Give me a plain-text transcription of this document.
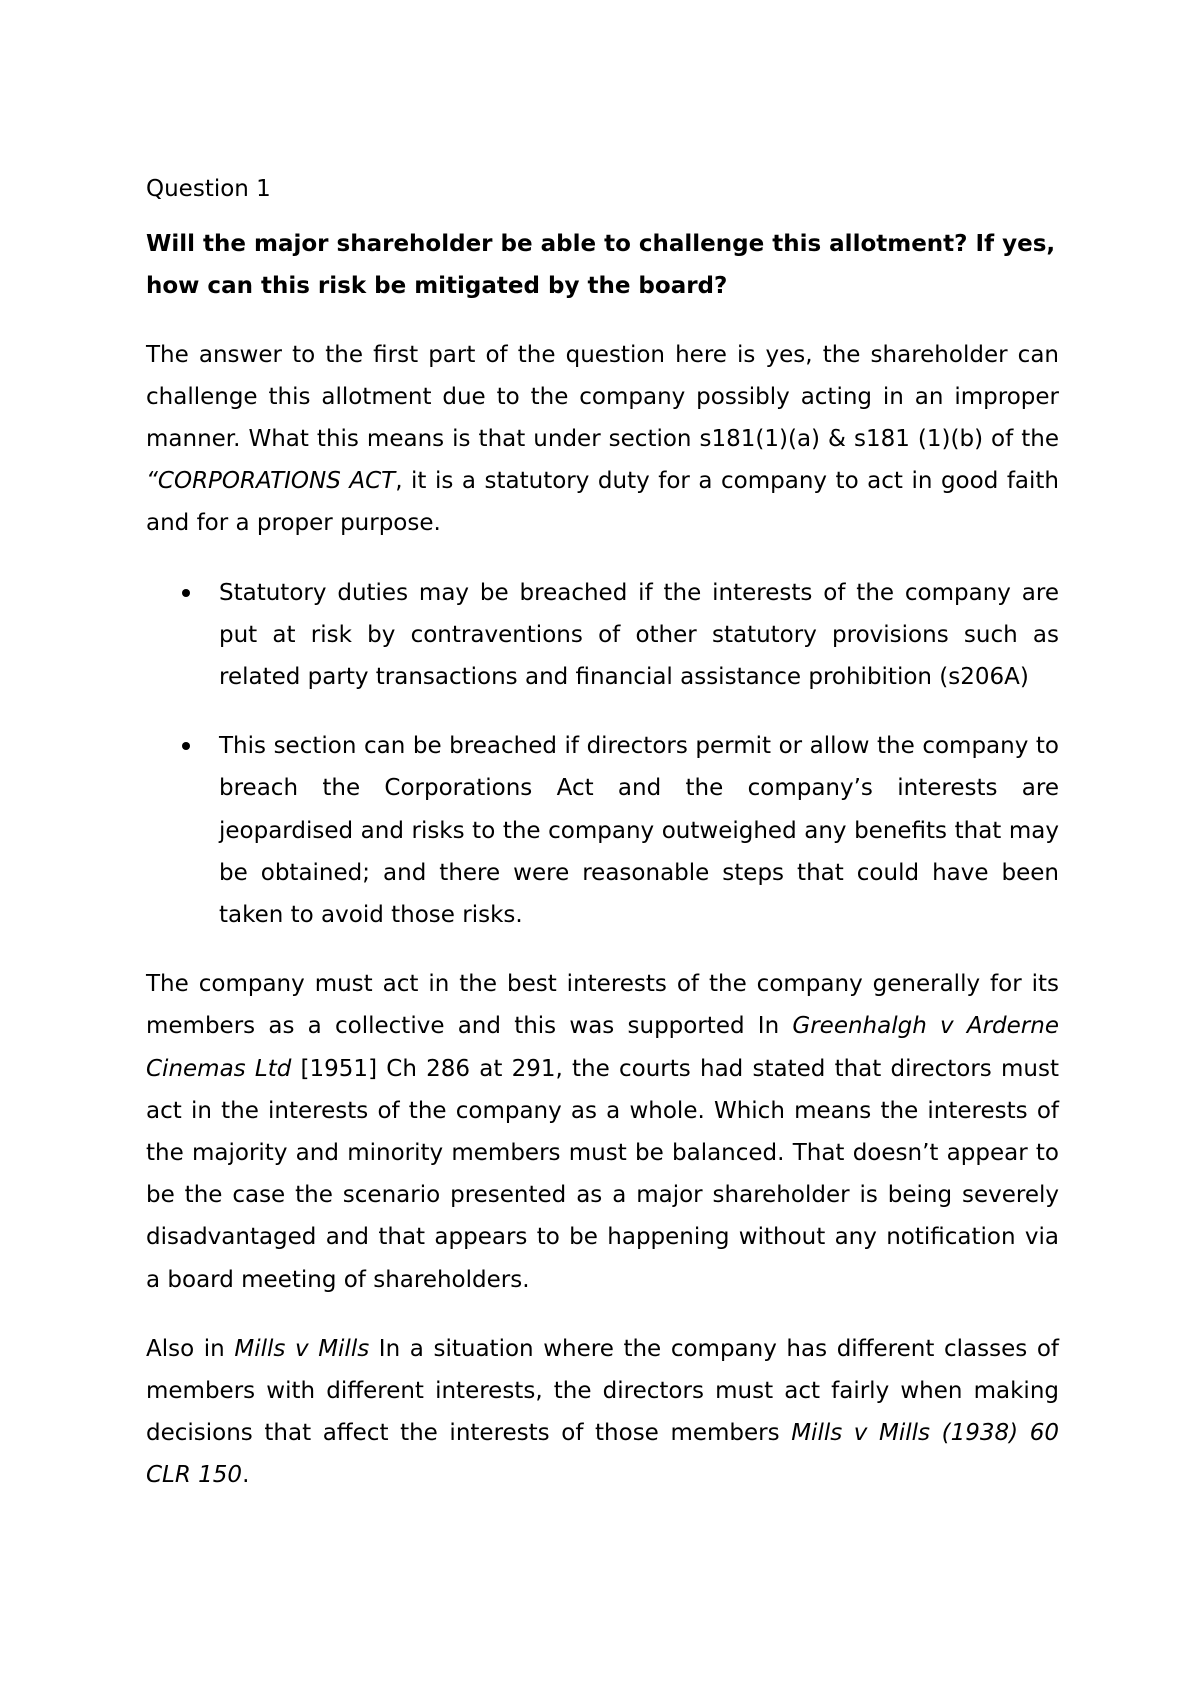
Question 1

Will the major shareholder be able to challenge this allotment? If yes, how can this risk be mitigated by the board?

The answer to the first part of the question here is yes, the shareholder can challenge this allotment due to the company possibly acting in an improper manner. What this means is that under section s181(1)(a) & s181 (1)(b) of the “CORPORATIONS ACT, it is a statutory duty for a company to act in good faith and for a proper purpose.

Statutory duties may be breached if the interests of the company are put at risk by contraventions of other statutory provisions such as related party transactions and financial assistance prohibition (s206A)
This section can be breached if directors permit or allow the company to breach the Corporations Act and the company’s interests are jeopardised and risks to the company outweighed any benefits that may be obtained; and there were reasonable steps that could have been taken to avoid those risks.

The company must act in the best interests of the company generally for its members as a collective and this was supported In Greenhalgh v Arderne Cinemas Ltd [1951] Ch 286 at 291, the courts had stated that directors must act in the interests of the company as a whole. Which means the interests of the majority and minority members must be balanced. That doesn’t appear to be the case the scenario presented as a major shareholder is being severely disadvantaged and that appears to be happening without any notification via a board meeting of shareholders.

Also in Mills v Mills In a situation where the company has different classes of members with different interests, the directors must act fairly when making decisions that affect the interests of those members Mills v Mills (1938) 60 CLR 150.
